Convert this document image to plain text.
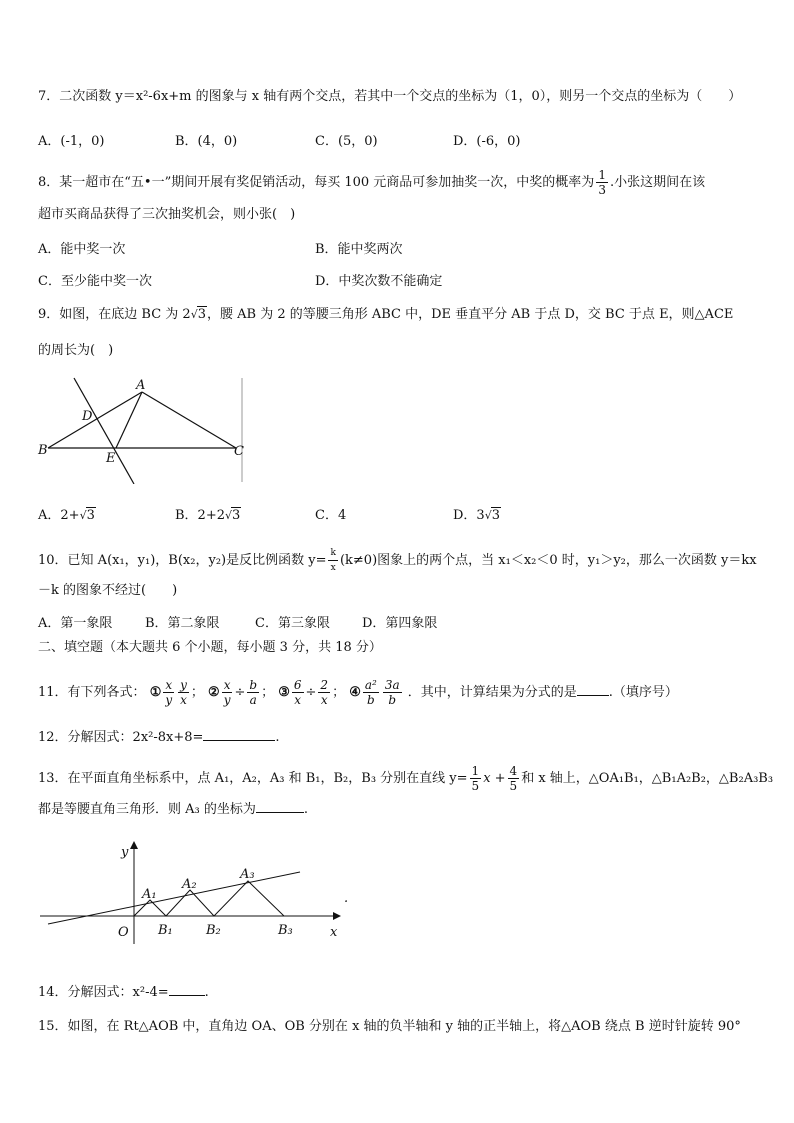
7．二次函数 y＝x²-6x+m 的图象与 x 轴有两个交点，若其中一个交点的坐标为（1，0），则另一个交点的坐标为（　　）
A．(-1，0)	B．(4，0)	C．(5，0)	D．(-6，0)
8．某一超市在“五•一”期间开展有奖促销活动，每买 100 元商品可参加抽奖一次，中奖的概率为 $\frac{1}{3}$ .小张这期间在该
超市买商品获得了三次抽奖机会，则小张(　)
A．能中奖一次	B．能中奖两次
C．至少能中奖一次	D．中奖次数不能确定
9．如图，在底边 BC 为 2√3，腰 AB 为 2 的等腰三角形 ABC 中，DE 垂直平分 AB 于点 D，交 BC 于点 E，则△ACE
的周长为(　)
A
D
B
E	C
A．2+√3	B．2+2√3	C．4	D．3√3
10．已知 A(x₁，y₁)，B(x₂，y₂)是反比例函数 $y= \frac{k}{x} (k\ne 0)$图象上的两个点，当 x₁＜x₂＜0 时，y₁＞y₂，那么一次函数 y＝kx
－k 的图象不经过(　　)
A．第一象限	B．第二象限	C．第三象限 D．第四象限
二、填空题（本大题共 6 个小题，每小题 3 分，共 18 分）
11．有下列各式： ① $\frac{x}{y} \frac{y}{x}$ ； ② $\frac{x}{y} \div \frac{b}{a}$ ； ③ $\frac{6}{x} \div \frac{2}{x}$ ； ④ $\frac{\text{a²}}{b} \frac{3a}{b}$ ．其中，计算结果为分式的是 .（填序号）
12．分解因式：2x²-8x+8=	.
13．在平面直角坐标系中，点 A₁，A₂，A₃ 和 B₁，B₂，B₃ 分别在直线 $y= \frac{1}{5}$ $x + \frac{4}{5}$ 和 x 轴上，△OA₁B₁，△B₁A₂B₂，△B₂A₃B₃
都是等腰直角三角形．则 A₃ 的坐标为	.
y
x
O
A₁
A₂
A₃
B₁	B₂	B₃
.
14．分解因式：x²-4=	.
15．如图，在 Rt△AOB 中，直角边 OA、OB 分别在 x 轴的负半轴和 y 轴的正半轴上，将△AOB 绕点 B 逆时针旋转 90°
